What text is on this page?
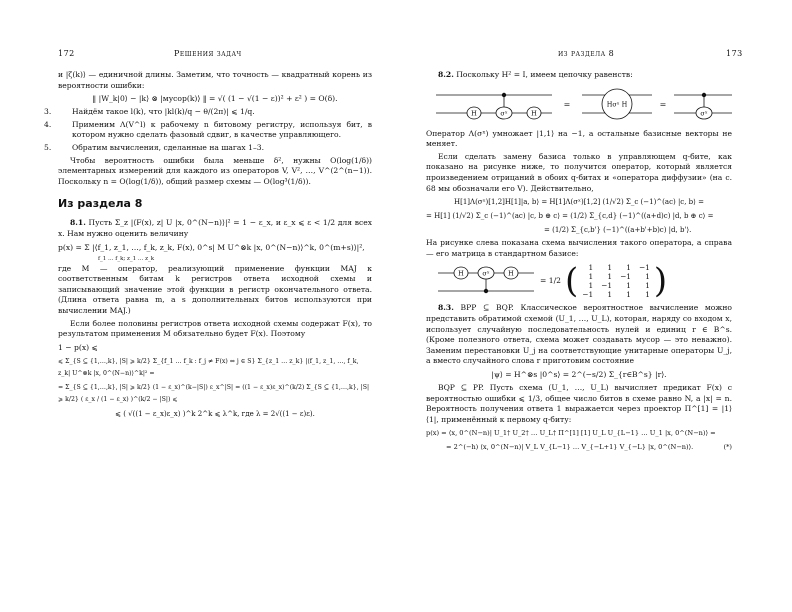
172	Решения задач

и |ζ(k)⟩ — единичной длины. Заметим, что точность — квадратный корень из вероятности ошибки:

‖ |W_k|0⟩ − |k⟩ ⊗ |мусор(k)⟩ ‖ = √( (1 − √(1 − ε))² + ε² ) = O(δ).
3.	Найдём такое l(k), что |kl(k)/q − θ/(2π)| ⩽ 1/q.
4.	Применим Λ(V^l) к рабочему n битовому регистру, используя бит, в котором нужно сделать фазовый сдвиг, в качестве управляющего.
5.	Обратим вычисления, сделанные на шагах 1–3.

Чтобы вероятность ошибки была меньше δ², нужны O(log(1/δ)) элементарных измерений для каждого из операторов V, V², …, V^(2^(n−1)). Поскольку n = O(log(1/δ)), общий размер схемы — O(log³(1/δ)).

Из раздела 8

8.1. Пусть Σ_z |⟨F(x), z| U |x, 0^(N−n)⟩|² = 1 − ε_x, и ε_x ⩽ ε < 1/2 для всех x. Нам нужно оценить величину

p(x) = Σ |⟨f_1, z_1, …, f_k, z_k, F(x), 0^s| M U^⊗k |x, 0^(N−n)⟩^k, 0^(m+s)⟩|²,
f_1 … f_k; z_1 … z_k

где M — оператор, реализующий применение функции MAJ к соответственным битам k регистров ответа исходной схемы и записывающий значение этой функции в регистр окончательного ответа. (Длина ответа равна m, а s дополнительных битов используются при вычислении MAJ.)

Если более половины регистров ответа исходной схемы содержат F(x), то результатом применения M обязательно будет F(x). Поэтому

1 − p(x) ⩽
⩽ Σ_{S ⊆ {1,…,k}, |S| ⩾ k/2} Σ_{f_1 … f_k : f_j ≠ F(x) ⇔ j ∈ S} Σ_{z_1 … z_k} |⟨f_1, z_1, …, f_k, z_k| U^⊗k |x, 0^(N−n)⟩^k|² =
= Σ_{S ⊆ {1,…,k}, |S| ⩾ k/2} (1 − ε_x)^(k−|S|) ε_x^|S| = ((1 − ε_x)ε_x)^(k/2) Σ_{S ⊆ {1,…,k}, |S| ⩾ k/2} ( ε_x / (1 − ε_x) )^(k/2 − |S|) ⩽
⩽ ( √((1 − ε_x)ε_x) )^k 2^k ⩽ λ^k, где λ = 2√((1 − ε)ε).
из раздела 8	173

8.2. Поскольку H² = I, имеем цепочку равенств:

H	σˣ	H
=	Hσˣ H	=
σˣ

Оператор Λ(σˣ) умножает |1,1⟩ на −1, а остальные базисные векторы не меняет.

Если сделать замену базиса только в управляющем q-бите, как показано на рисунке ниже, то получится оператор, который является произведением отрицаний в обоих q-битах и «оператора диффузии» (на с. 68 мы обозначали его V). Действительно,

H[1]Λ(σˣ)[1,2]H[1]|a, b⟩ = H[1]Λ(σˣ)[1,2] (1/√2) Σ_c (−1)^(ac) |c, b⟩ =
= H[1] (1/√2) Σ_c (−1)^(ac) |c, b ⊕ c⟩ = (1/2) Σ_{c,d} (−1)^((a+d)c) |d, b ⊕ c⟩ =
= (1/2) Σ_{c,b'} (−1)^((a+b'+b)c) |d, b'⟩.

На рисунке слева показана схема вычисления такого оператора, а справа — его матрица в стандартном базисе:

H	σˣ	H
= 1/2 ( 1	1	1	−1
1	1	−1	1
1	−1	1	1
−1	1	1	1 )

8.3. BPP ⊆ BQP. Классическое вероятностное вычисление можно представить обратимой схемой (U_1, …, U_L), которая, наряду со входом x, использует случайную последовательность нулей и единиц r ∈ B^s. (Кроме полезного ответа, схема может создавать мусор — это неважно). Заменим перестановки U_j на соответствующие унитарные операторы U_j, а вместо случайного слова r приготовим состояние

|ψ⟩ = H^⊗s |0^s⟩ = 2^(−s/2) Σ_{r∈B^s} |r⟩.

BQP ⊆ PP. Пусть схема (U_1, …, U_L) вычисляет предикат F(x) с вероятностью ошибки ⩽ 1/3, общее число битов в схеме равно N, а |x| = n. Вероятность получения ответа 1 выражается через проектор Π^[1] = |1⟩⟨1|, применённый к первому q-биту:

p(x) = ⟨x, 0^(N−n)| U_1† U_2† … U_L† Π^[1] [1] U_L U_{L−1} … U_1 |x, 0^(N−n)⟩ =
= 2^(−h) ⟨x, 0^(N−n)| V_L V_{L−1} … V_{−L+1} V_{−L} |x, 0^(N−n)⟩.	(*)
